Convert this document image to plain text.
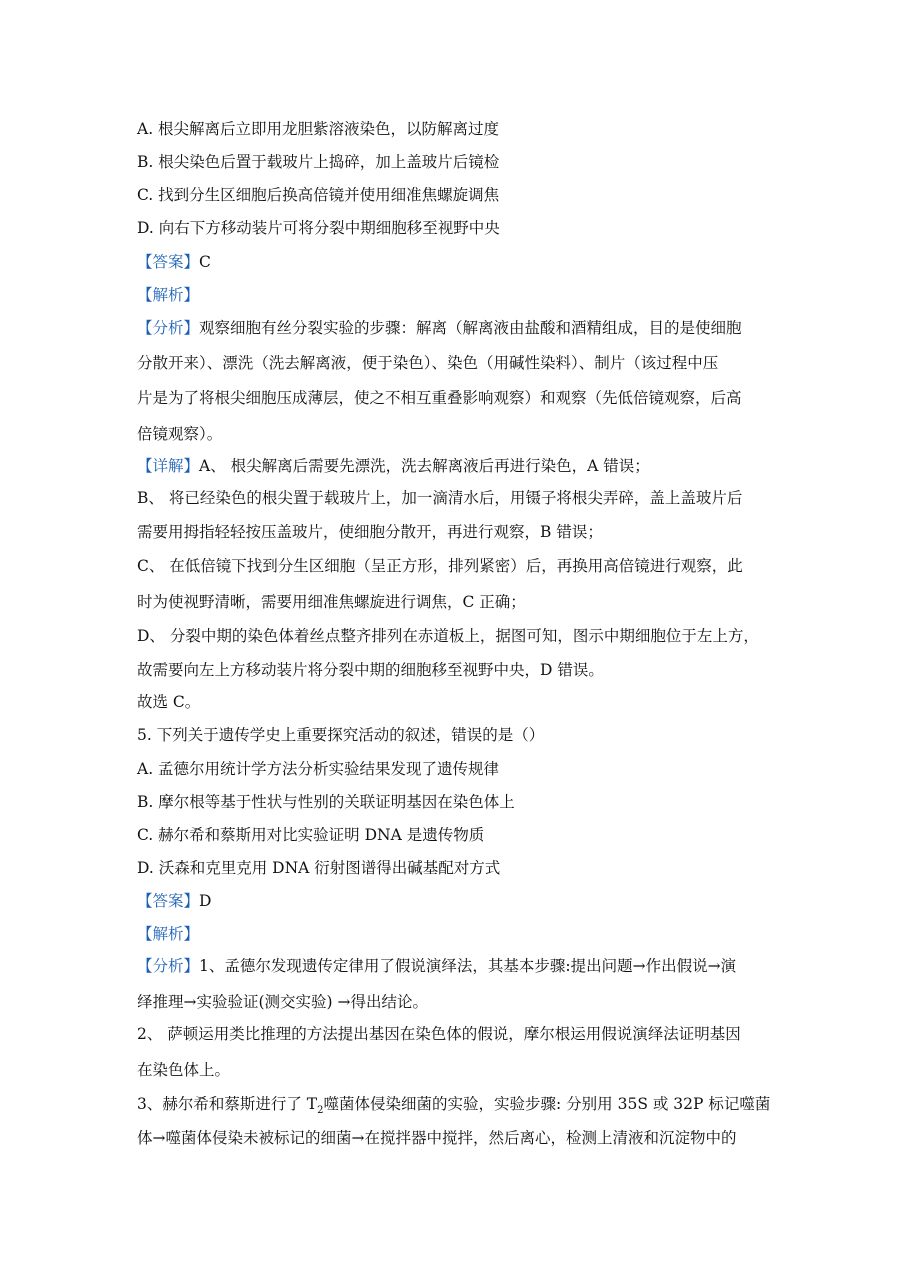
A. 根尖解离后立即用龙胆紫溶液染色，以防解离过度
B. 根尖染色后置于载玻片上捣碎，加上盖玻片后镜检
C. 找到分生区细胞后换高倍镜并使用细准焦螺旋调焦
D. 向右下方移动装片可将分裂中期细胞移至视野中央
【答案】C
【解析】
【分析】观察细胞有丝分裂实验的步骤：解离（解离液由盐酸和酒精组成，目的是使细胞
分散开来）、漂洗（洗去解离液，便于染色）、染色（用碱性染料）、制片（该过程中压
片是为了将根尖细胞压成薄层，使之不相互重叠影响观察）和观察（先低倍镜观察，后高
倍镜观察）。
【详解】A、 根尖解离后需要先漂洗，洗去解离液后再进行染色，A 错误；
B、 将已经染色的根尖置于载玻片上，加一滴清水后，用镊子将根尖弄碎，盖上盖玻片后
需要用拇指轻轻按压盖玻片，使细胞分散开，再进行观察，B 错误；
C、 在低倍镜下找到分生区细胞（呈正方形，排列紧密）后，再换用高倍镜进行观察，此
时为使视野清晰，需要用细准焦螺旋进行调焦，C 正确；
D、 分裂中期的染色体着丝点整齐排列在赤道板上，据图可知，图示中期细胞位于左上方，
故需要向左上方移动装片将分裂中期的细胞移至视野中央，D 错误。
故选 C。
5. 下列关于遗传学史上重要探究活动的叙述，错误的是（）
A. 孟德尔用统计学方法分析实验结果发现了遗传规律
B. 摩尔根等基于性状与性别的关联证明基因在染色体上
C. 赫尔希和蔡斯用对比实验证明 DNA 是遗传物质
D. 沃森和克里克用 DNA 衍射图谱得出碱基配对方式
【答案】D
【解析】
【分析】1、孟德尔发现遗传定律用了假说演绎法，其基本步骤:提出问题→作出假说→演
绎推理→实验验证(测交实验) →得出结论。
2、 萨顿运用类比推理的方法提出基因在染色体的假说，摩尔根运用假说演绎法证明基因
在染色体上。
3、赫尔希和蔡斯进行了 $T_2$噬菌体侵染细菌的实验，实验步骤: 分别用 35S 或 32P 标记噬菌
体→噬菌体侵染未被标记的细菌→在搅拌器中搅拌，然后离心，检测上清液和沉淀物中的
